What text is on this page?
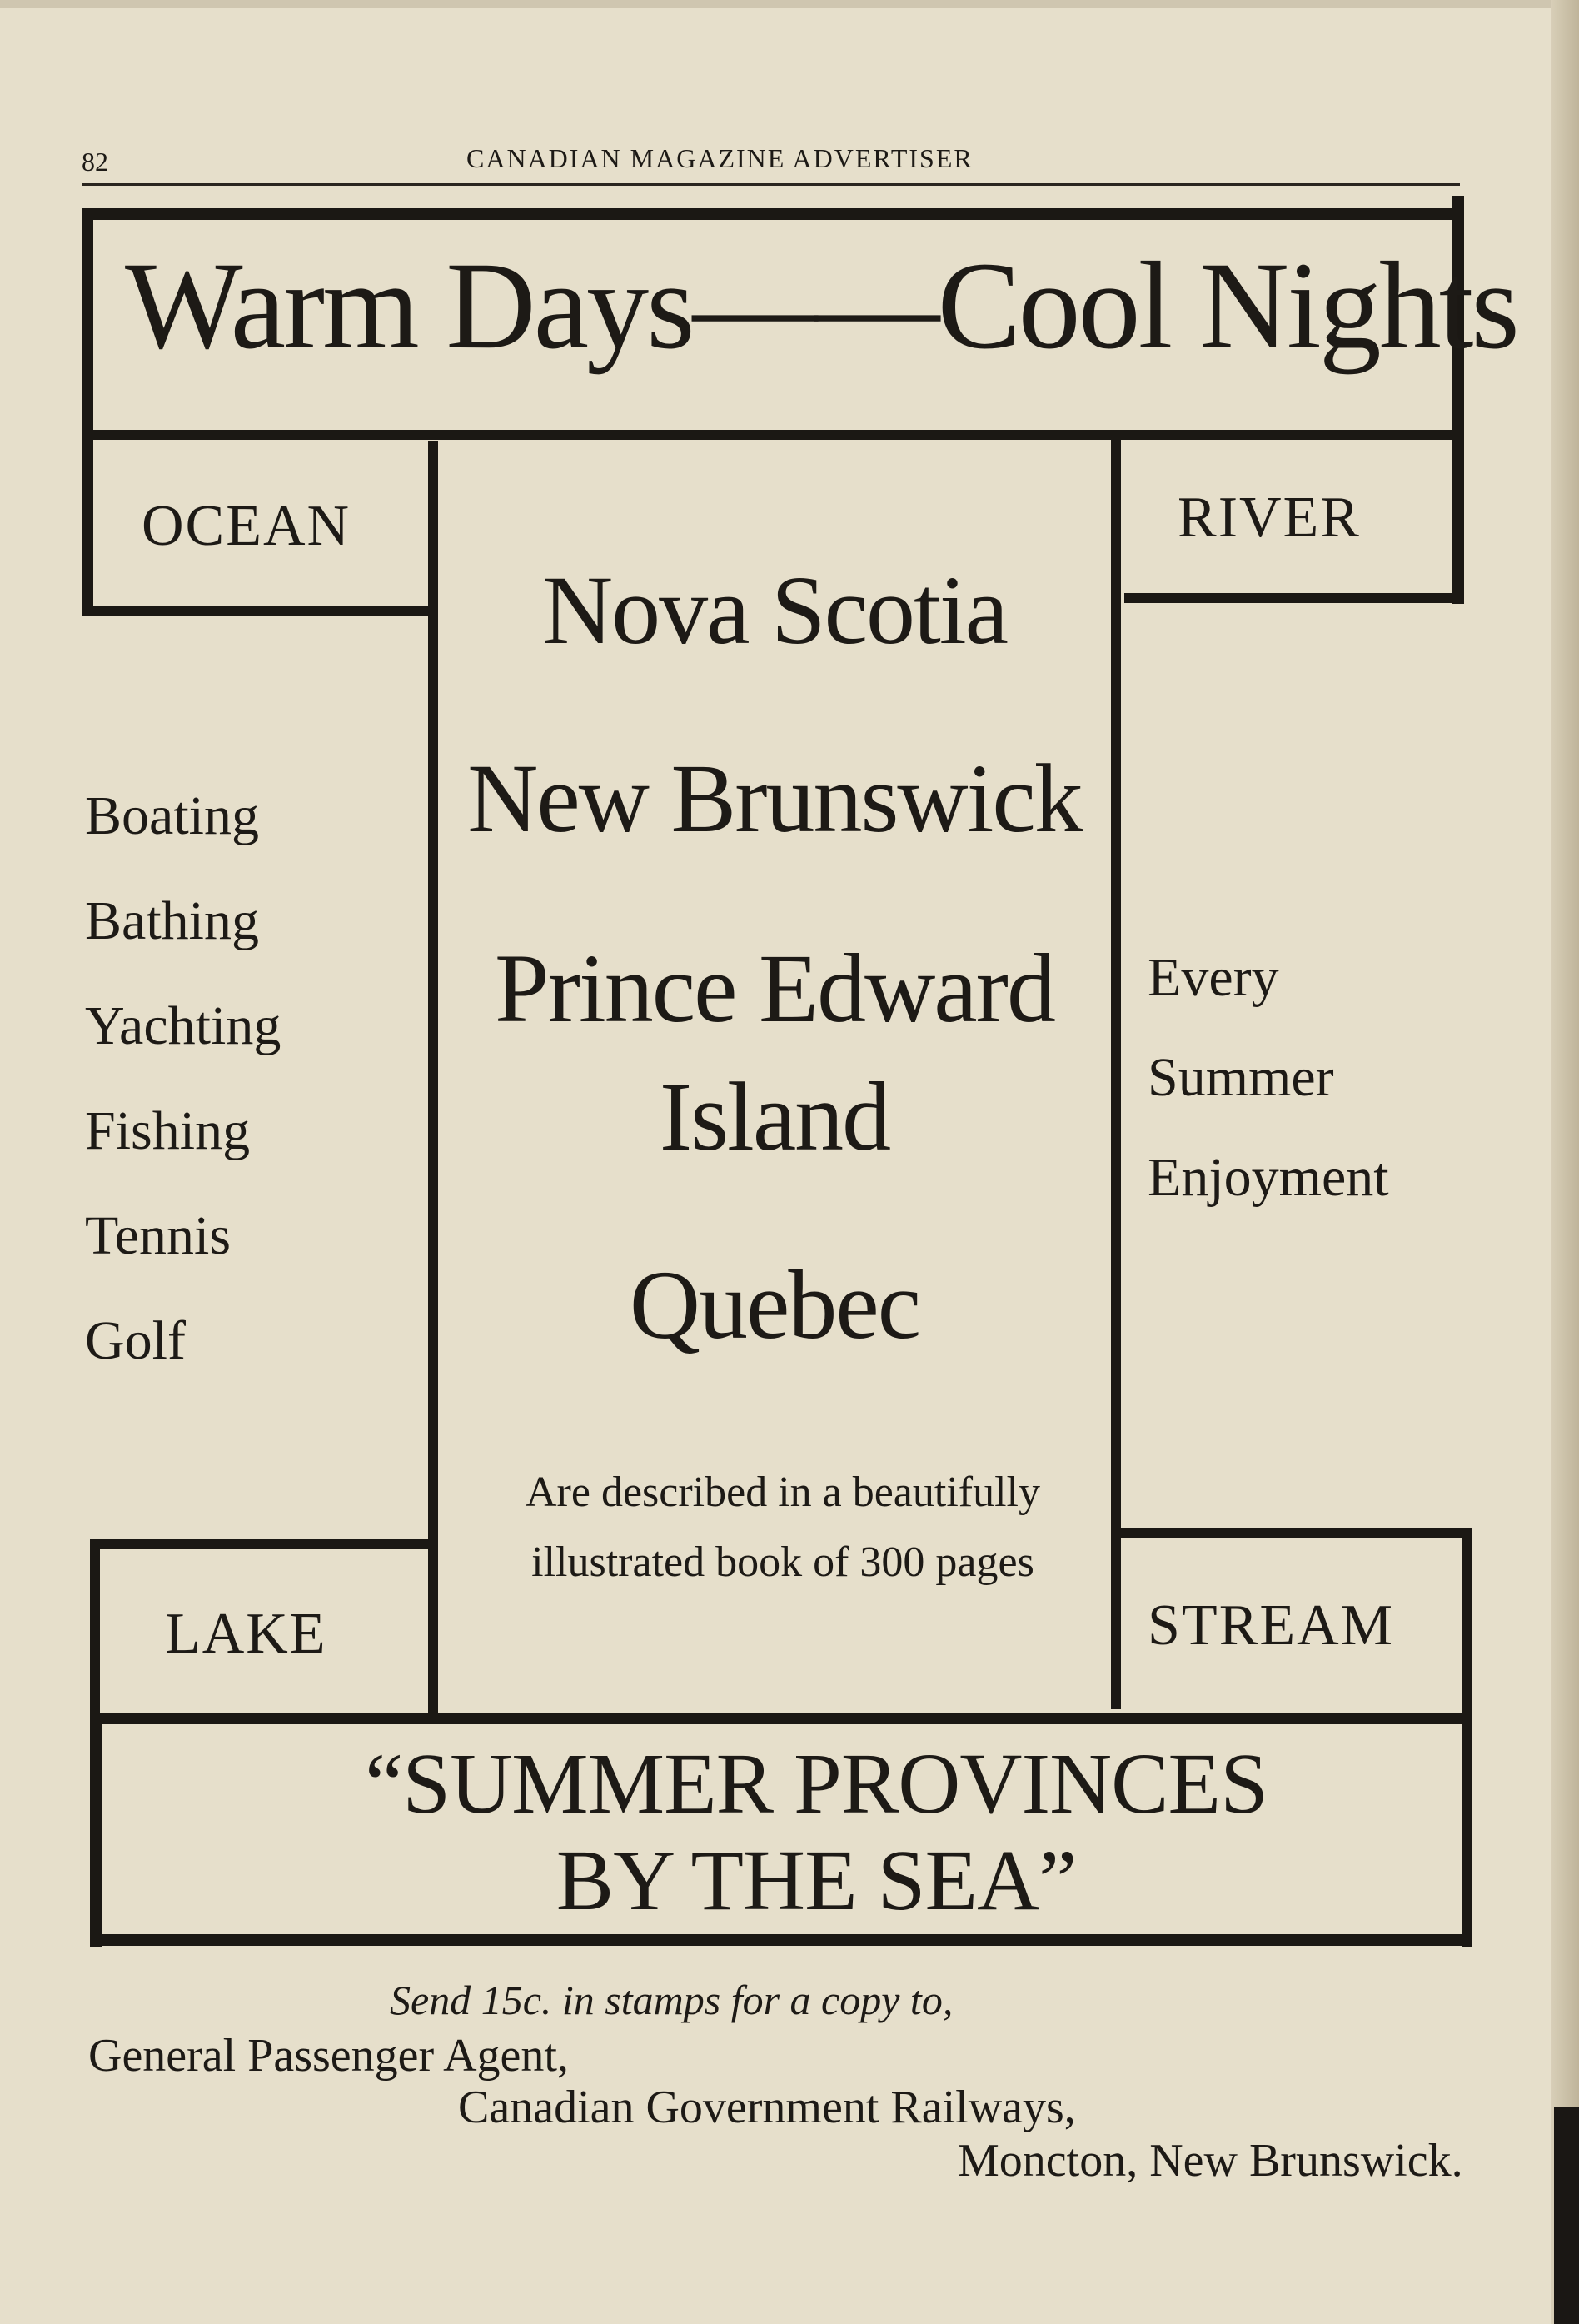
82	CANADIAN MAGAZINE ADVERTISER
Warm Days——Cool Nights
OCEAN	RIVER
LAKE	STREAM
Boating
Bathing
Yachting
Fishing
Tennis
Golf
Every
Summer
Enjoyment
Nova Scotia
New Brunswick
Prince Edward
Island
Quebec
Are described in a beautifully
illustrated book of 300 pages
“SUMMER PROVINCES
BY THE SEA”
Send 15c. in stamps for a copy to,
General Passenger Agent,
Canadian Government Railways,
Moncton, New Brunswick.
